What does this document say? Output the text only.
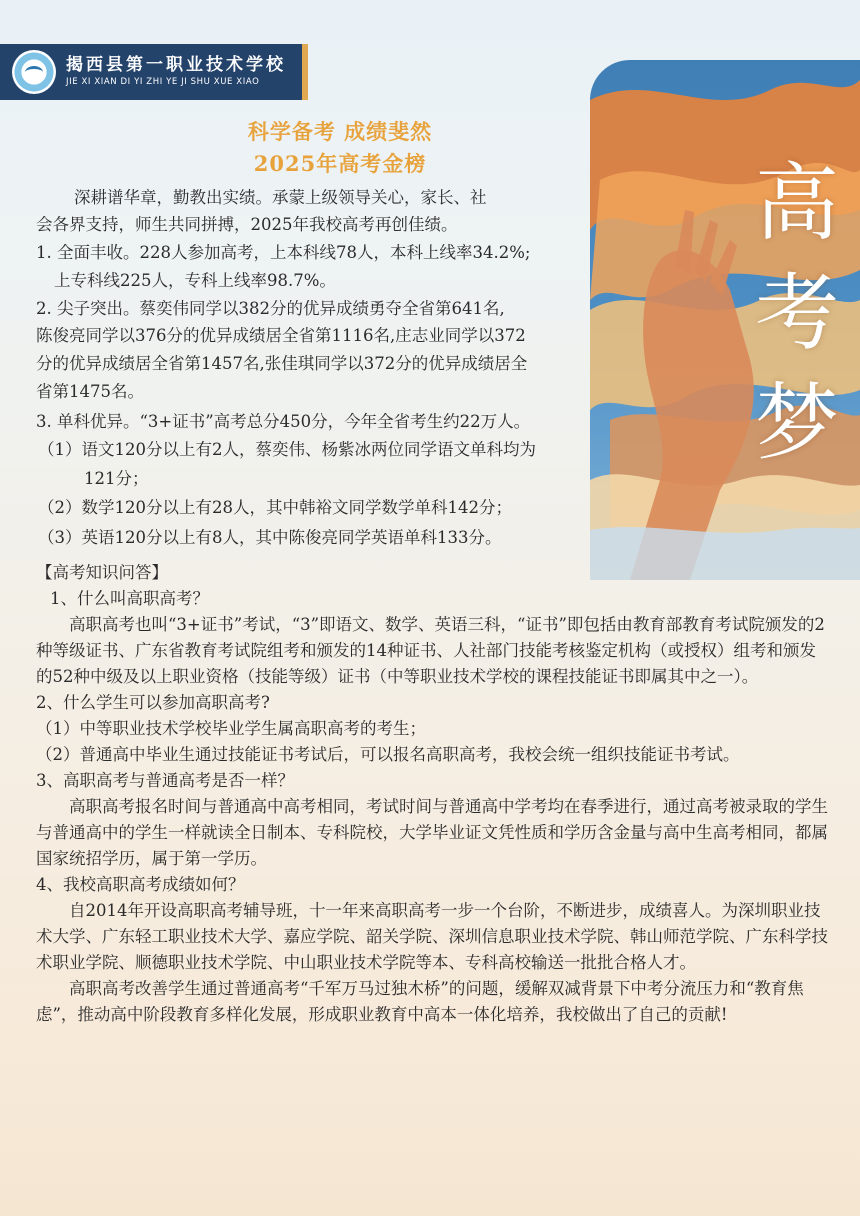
揭西县第一职业技术学校
JIE XI XIAN DI YI ZHI YE JI SHU XUE XIAO
高
考
梦
科学备考 成绩斐然
2025年高考金榜
深耕谱华章，勤教出实绩。承蒙上级领导关心，家长、社
会各界支持，师生共同拼搏，2025年我校高考再创佳绩。
1. 全面丰收。228人参加高考，上本科线78人，本科上线率34.2%;
上专科线225人，专科上线率98.7%。
2. 尖子突出。蔡奕伟同学以382分的优异成绩勇夺全省第641名,
陈俊亮同学以376分的优异成绩居全省第1116名,庄志业同学以372
分的优异成绩居全省第1457名,张佳琪同学以372分的优异成绩居全
省第1475名。
3. 单科优异。“3+证书”高考总分450分，今年全省考生约22万人。
（1）语文120分以上有2人，蔡奕伟、杨紫冰两位同学语文单科均为
121分；
（2）数学120分以上有28人，其中韩裕文同学数学单科142分；
（3）英语120分以上有8人，其中陈俊亮同学英语单科133分。
【高考知识问答】
1、什么叫高职高考？
高职高考也叫“3+证书”考试，“3”即语文、数学、英语三科，“证书”即包括由教育部教育考试院颁发的2种等级证书、广东省教育考试院组考和颁发的14种证书、人社部门技能考核鉴定机构（或授权）组考和颁发的52种中级及以上职业资格（技能等级）证书（中等职业技术学校的课程技能证书即属其中之一）。
2、什么学生可以参加高职高考?
（1）中等职业技术学校毕业学生属高职高考的考生；
（2）普通高中毕业生通过技能证书考试后，可以报名高职高考，我校会统一组织技能证书考试。
3、高职高考与普通高考是否一样？
高职高考报名时间与普通高中高考相同，考试时间与普通高中学考均在春季进行，通过高考被录取的学生与普通高中的学生一样就读全日制本、专科院校，大学毕业证文凭性质和学历含金量与高中生高考相同，都属国家统招学历，属于第一学历。
4、我校高职高考成绩如何？
自2014年开设高职高考辅导班，十一年来高职高考一步一个台阶，不断进步，成绩喜人。为深圳职业技术大学、广东轻工职业技术大学、嘉应学院、韶关学院、深圳信息职业技术学院、韩山师范学院、广东科学技术职业学院、顺德职业技术学院、中山职业技术学院等本、专科高校输送一批批合格人才。
高职高考改善学生通过普通高考“千军万马过独木桥”的问题，缓解双减背景下中考分流压力和“教育焦虑”，推动高中阶段教育多样化发展，形成职业教育中高本一体化培养，我校做出了自己的贡献!
